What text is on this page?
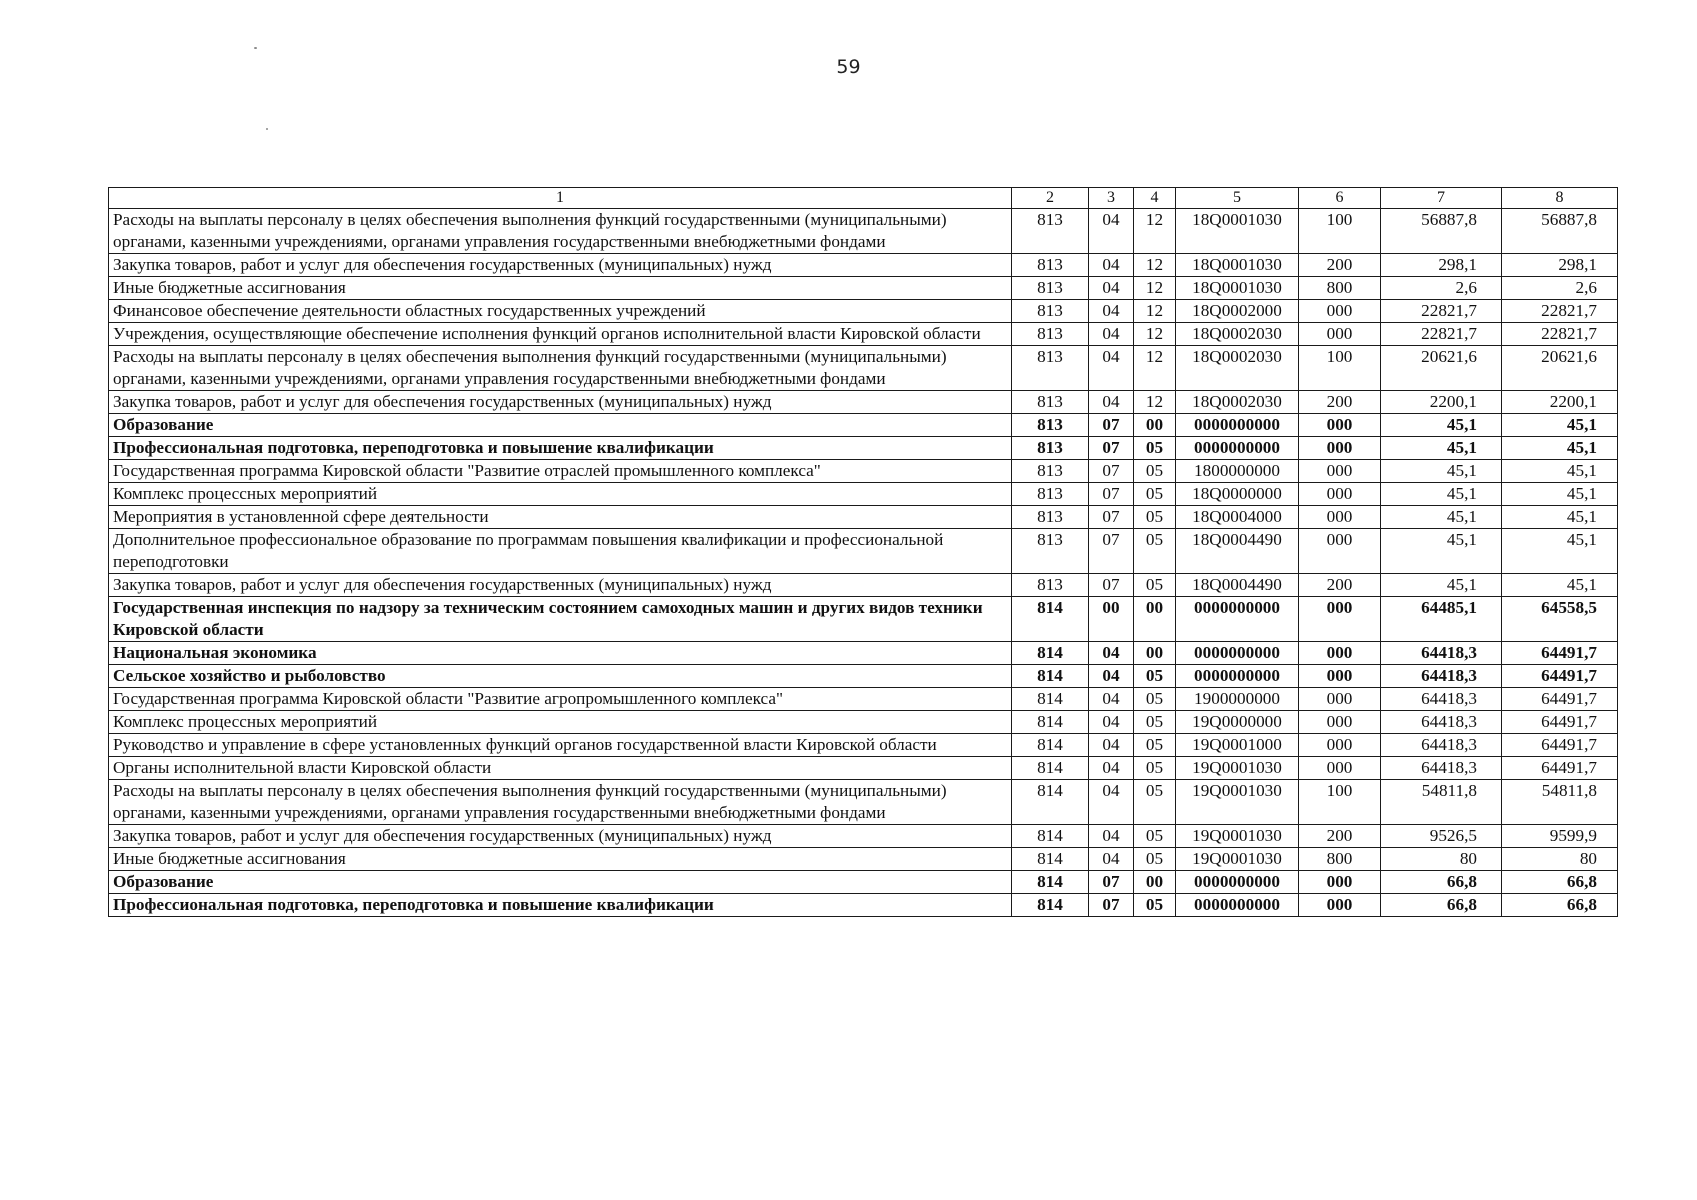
59
1	2	3	4	5	6	7	8
Расходы на выплаты персоналу в целях обеспечения выполнения функций государственными (муниципальными) органами, казенными учреждениями, органами управления государственными внебюджетными фондами	813	04	12	18Q0001030	100	56887,8	56887,8
Закупка товаров, работ и услуг для обеспечения государственных (муниципальных) нужд	813	04	12	18Q0001030	200	298,1	298,1
Иные бюджетные ассигнования	813	04	12	18Q0001030	800	2,6	2,6
Финансовое обеспечение деятельности областных государственных учреждений	813	04	12	18Q0002000	000	22821,7	22821,7
Учреждения, осуществляющие обеспечение исполнения функций органов исполнительной власти Кировской области	813	04	12	18Q0002030	000	22821,7	22821,7
Расходы на выплаты персоналу в целях обеспечения выполнения функций государственными (муниципальными) органами, казенными учреждениями, органами управления государственными внебюджетными фондами	813	04	12	18Q0002030	100	20621,6	20621,6
Закупка товаров, работ и услуг для обеспечения государственных (муниципальных) нужд	813	04	12	18Q0002030	200	2200,1	2200,1
Образование	813	07	00	0000000000	000	45,1	45,1
Профессиональная подготовка, переподготовка и повышение квалификации	813	07	05	0000000000	000	45,1	45,1
Государственная программа Кировской области "Развитие отраслей промышленного комплекса"	813	07	05	1800000000	000	45,1	45,1
Комплекс процессных мероприятий	813	07	05	18Q0000000	000	45,1	45,1
Мероприятия в установленной сфере деятельности	813	07	05	18Q0004000	000	45,1	45,1
Дополнительное профессиональное образование по программам повышения квалификации и профессиональной переподготовки	813	07	05	18Q0004490	000	45,1	45,1
Закупка товаров, работ и услуг для обеспечения государственных (муниципальных) нужд	813	07	05	18Q0004490	200	45,1	45,1
Государственная инспекция по надзору за техническим состоянием самоходных машин и других видов техники Кировской области	814	00	00	0000000000	000	64485,1	64558,5
Национальная экономика	814	04	00	0000000000	000	64418,3	64491,7
Сельское хозяйство и рыболовство	814	04	05	0000000000	000	64418,3	64491,7
Государственная программа Кировской области "Развитие агропромышленного комплекса"	814	04	05	1900000000	000	64418,3	64491,7
Комплекс процессных мероприятий	814	04	05	19Q0000000	000	64418,3	64491,7
Руководство и управление в сфере установленных функций органов государственной власти Кировской области	814	04	05	19Q0001000	000	64418,3	64491,7
Органы исполнительной власти Кировской области	814	04	05	19Q0001030	000	64418,3	64491,7
Расходы на выплаты персоналу в целях обеспечения выполнения функций государственными (муниципальными) органами, казенными учреждениями, органами управления государственными внебюджетными фондами	814	04	05	19Q0001030	100	54811,8	54811,8
Закупка товаров, работ и услуг для обеспечения государственных (муниципальных) нужд	814	04	05	19Q0001030	200	9526,5	9599,9
Иные бюджетные ассигнования	814	04	05	19Q0001030	800	80	80
Образование	814	07	00	0000000000	000	66,8	66,8
Профессиональная подготовка, переподготовка и повышение квалификации	814	07	05	0000000000	000	66,8	66,8
